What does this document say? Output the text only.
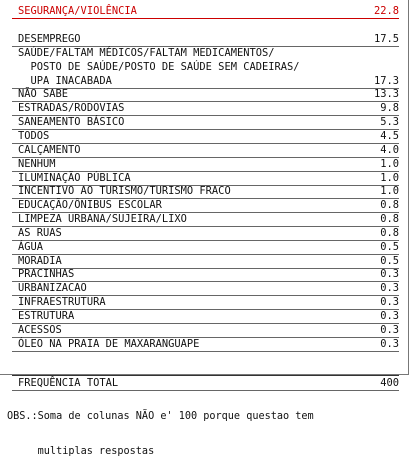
SEGURANÇA/VIOLÊNCIA	22.8
DESEMPREGO	17.5
SAÚDE/FALTAM MÉDICOS/FALTAM MEDICAMENTOS/
POSTO DE SAÚDE/POSTO DE SAÚDE SEM CADEIRAS/
UPA INACABADA	17.3
NÃO SABE	13.3
ESTRADAS/RODOVIAS	9.8
SANEAMENTO BÁSICO	5.3
TODOS	4.5
CALÇAMENTO	4.0
NENHUM	1.0
ILUMINAÇÃO PÚBLICA	1.0
INCENTIVO AO TURISMO/TURISMO FRACO	1.0
EDUCAÇÃO/ÔNIBUS ESCOLAR	0.8
LIMPEZA URBANA/SUJEIRA/LIXO	0.8
AS RUAS	0.8
ÁGUA	0.5
MORADIA	0.5
PRACINHAS	0.3
URBANIZACAO	0.3
INFRAESTRUTURA	0.3
ESTRUTURA	0.3
ACESSOS	0.3
ÓLEO NA PRAIA DE MAXARANGUAPE	0.3
FREQUÊNCIA TOTAL	400

OBS.:Soma de colunas NÃO e' 100 porque questao tem

multiplas respostas
